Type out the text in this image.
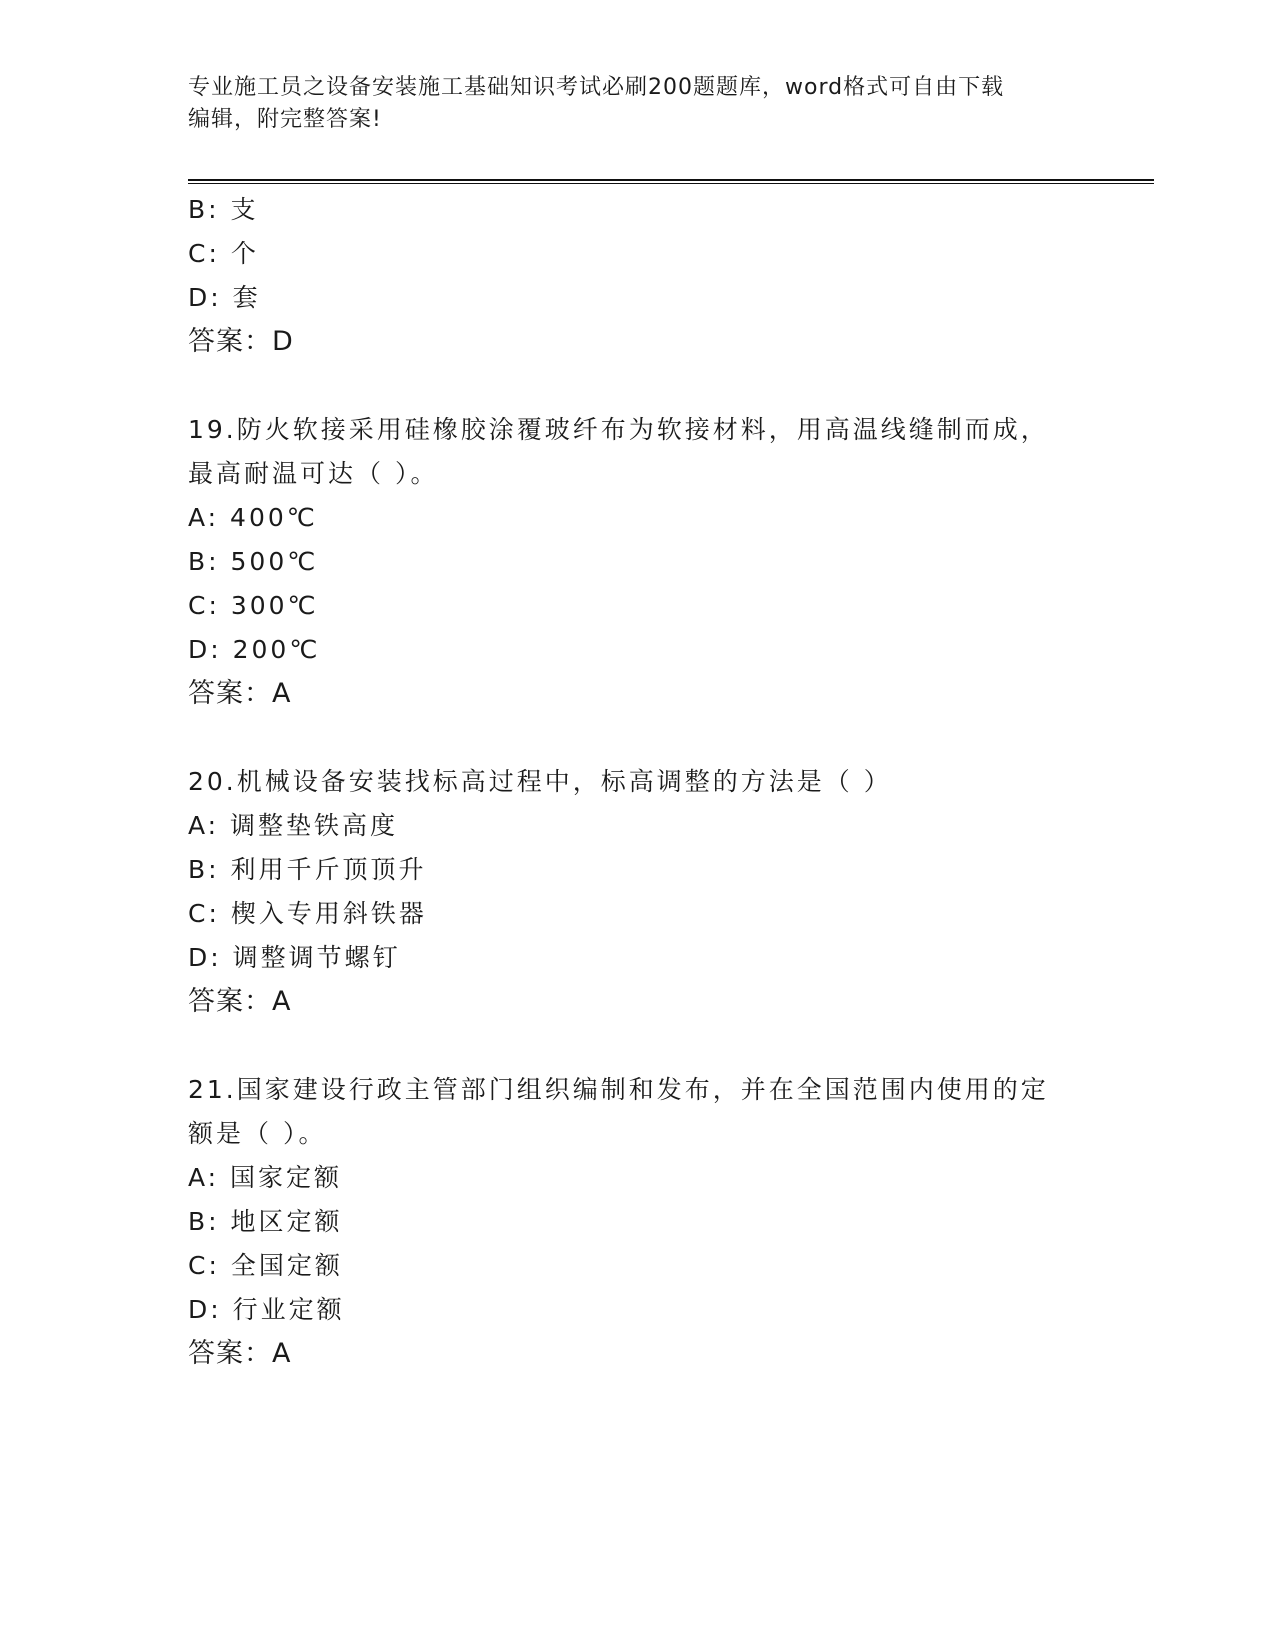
专业施工员之设备安装施工基础知识考试必刷200题题库，word格式可自由下载
编辑，附完整答案!
B: 支
C: 个
D: 套
答案：D
19.防火软接采用硅橡胶涂覆玻纤布为软接材料，用高温线缝制而成，
最高耐温可达（ ）。
A: 400℃
B: 500℃
C: 300℃
D: 200℃
答案：A
20.机械设备安装找标高过程中，标高调整的方法是（ ）
A: 调整垫铁高度
B: 利用千斤顶顶升
C: 楔入专用斜铁器
D: 调整调节螺钉
答案：A
21.国家建设行政主管部门组织编制和发布，并在全国范围内使用的定
额是（ ）。
A: 国家定额
B: 地区定额
C: 全国定额
D: 行业定额
答案：A
